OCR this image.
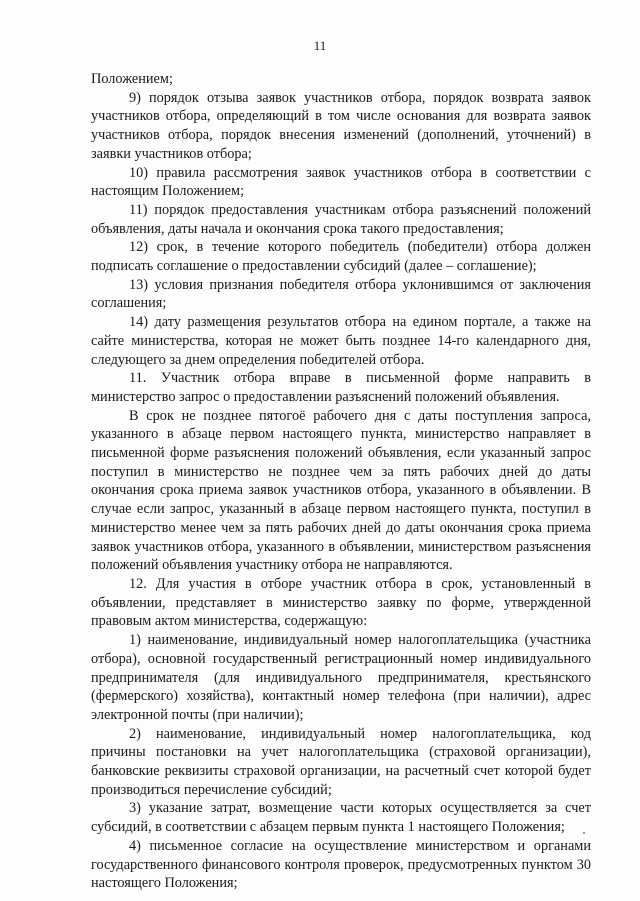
11

Положением;

9) порядок отзыва заявок участников отбора, порядок возврата заявок участников отбора, определяющий в том числе основания для возврата заявок участников отбора, порядок внесения изменений (дополнений, уточнений) в заявки участников отбора;

10) правила рассмотрения заявок участников отбора в соответствии с настоящим Положением;

11) порядок предоставления участникам отбора разъяснений положений объявления, даты начала и окончания срока такого предоставления;

12) срок, в течение которого победитель (победители) отбора должен подписать соглашение о предоставлении субсидий (далее – соглашение);

13) условия признания победителя отбора уклонившимся от заключения соглашения;

14) дату размещения результатов отбора на едином портале, а также на сайте министерства, которая не может быть позднее 14-го календарного дня, следующего за днем определения победителей отбора.

11. Участник отбора вправе в письменной форме направить в министерство запрос о предоставлении разъяснений положений объявления.

В срок не позднее пятогоё рабочего дня с даты поступления запроса, указанного в абзаце первом настоящего пункта, министерство направляет в письменной форме разъяснения положений объявления, если указанный запрос поступил в министерство не позднее чем за пять рабочих дней до даты окончания срока приема заявок участников отбора, указанного в объявлении. В случае если запрос, указанный в абзаце первом настоящего пункта, поступил в министерство менее чем за пять рабочих дней до даты окончания срока приема заявок участников отбора, указанного в объявлении, министерством разъяснения положений объявления участнику отбора не направляются.

12. Для участия в отборе участник отбора в срок, установленный в объявлении, представляет в министерство заявку по форме, утвержденной правовым актом министерства, содержащую:

1) наименование, индивидуальный номер налогоплательщика (участника отбора), основной государственный регистрационный номер индивидуального предпринимателя (для индивидуального предпринимателя, крестьянского (фермерского) хозяйства), контактный номер телефона (при наличии), адрес электронной почты (при наличии);

2) наименование, индивидуальный номер налогоплательщика, код причины постановки на учет налогоплательщика (страховой организации), банковские реквизиты страховой организации, на расчетный счет которой будет производиться перечисление субсидий;

3) указание затрат, возмещение части которых осуществляется за счет субсидий, в соответствии с абзацем первым пункта 1 настоящего Положения;

4) письменное согласие на осуществление министерством и органами государственного финансового контроля проверок, предусмотренных пунктом 30 настоящего Положения;
